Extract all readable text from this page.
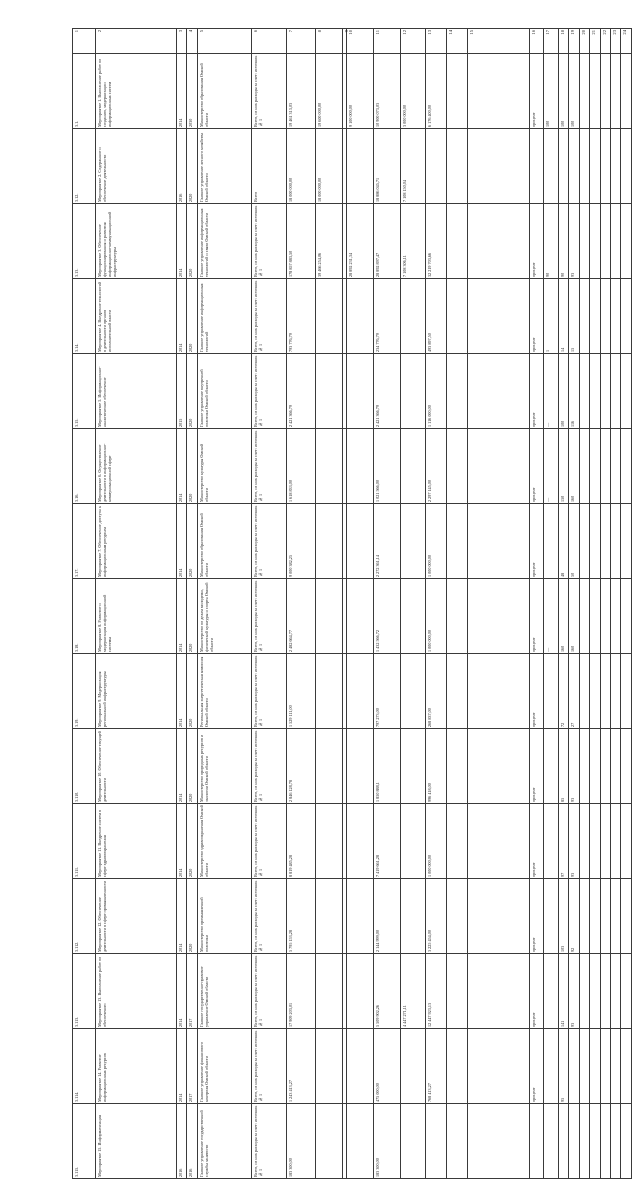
1	2	3	4	5	6	7	8	9	10	11	12	13	14	15	16	17	18	19	20	21	22	23	24

3.1.	Мероприятие 1. Выполнение работ по созданию, модернизации информационных систем	2014	2030	Министерство образования Омской области	Всего, из них расходы за счет: источник № 1	19 461 313,03	19 600 000,00		9 100 000,00	10 900 073,03	3 000 000,00	6 176 400,00			процент	100	100	100					

3.12.	Мероприятие 2. Содержание и обеспечение деятельности	2016	2020	Главное управление лесного хозяйства Омской области	Всего	18 000 000,00	18 000 000,00			18 886 045,71	7 108 150,04												

3.13.	Мероприятие 3. Обеспечение функционирования и развития информационно-коммуникационной инфраструктуры	2014	2020	Главное управление информационных технологий и связи Омской области	Всего, из них расходы за счет: источник № 1	178 857 883,50	39 466 254,06		28 892 231,34	28 892 897,47	7 108 306,11	32 219 703,66			процент	90	90	93					

3.14.	Мероприятие 4. Внедрение технологий в деятельности органов исполнительной власти	2014	2020	Главное управление информационных технологий	Всего, из них расходы за счет: источник № 1	793 776,79				234 776,79		493 897,50			процент	1	14	15					

3.15.	Мероприятие 5. Информационно-аналитическое обеспечение	2015	2020	Главное управление внутренней политики Омской области	Всего, из них расходы за счет: источник № 1	2 421 366,79				2 421 366,79		1 116 000,00			процент	—	100	116					

3.16.	Мероприятие 6. Осуществление деятельности в информационно-коммуникационной сфере	2014	2020	Министерство культуры Омской области	Всего, из них расходы за счет: источник № 1	1 618 833,00				1 021 566,00		2 297 145,00			процент	—	150	160					

3.17.	Мероприятие 7. Обеспечение доступа к информационным ресурсам	2014	2020	Министерство образования Омской области	Всего, из них расходы за счет: источник № 1	9 000 382,25				2 272 361,14		1 000 000,00			процент		48	50					

3.18.	Мероприятие 8. Развитие и модернизация информационной системы	2014	2020	Министерство по делам молодежи, физической культуры и спорта Омской области	Всего, из них расходы за счет: источник № 1	2 482 664,77				1 432 566,72		1 000 000,00			процент	—	160	160					

3.19.	Мероприятие 9. Модернизация региональной инфраструктуры	2014	2020	Региональная энергетическая комиссия Омской области	Всего, из них расходы за счет: источник № 1	1 529 111,00				797 273,00		268 837,00			процент		72	27					

3.110.	Мероприятие 10. Обеспечение текущей деятельности	2014	2020	Министерство природных ресурсов и экологии Омской области	Всего, из них расходы за счет: источник № 1	2 846 128,78				1 850 888,1		996 418,00			процент		85	93					

3.111.	Мероприятие 11. Внедрение систем в сфере здравоохранения	2014	2020	Министерство здравоохранения Омской области	Всего, из них расходы за счет: источник № 1	8 819 485,28				7 419 661,28		1 000 000,00			процент		97	93					

3.112.	Мероприятие 12. Обеспечение деятельности в сфере промышленности	2014	2020	Министерство промышленной политики	Всего, из них расходы за счет: источник № 1	5 795 153,28				2 144 999,00		3 225 454,00			процент		103	92					

3.113.	Мероприятие 13. Выполнение работ по обеспечению	2014	2017	Главное государственно-правовое управление Омской области	Всего, из них расходы за счет: источник № 1	17 909 203,01				5 509 902,26	4 447 271,11	12 447 923,13			процент		141	93					

3.114.	Мероприятие 14. Развитие информационных ресурсов	2014	2017	Главное управление финансового контроля Омской области	Всего, из них расходы за счет: источник № 1	1 243 413,27				475 000,00		768 413,27			процент		95						

3.115.	Мероприятие 15. Информатизация	2016	2016	Главное управление государственной службы занятости	Всего, из них расходы за счет: источник № 1	183 300,00				183 300,00													
